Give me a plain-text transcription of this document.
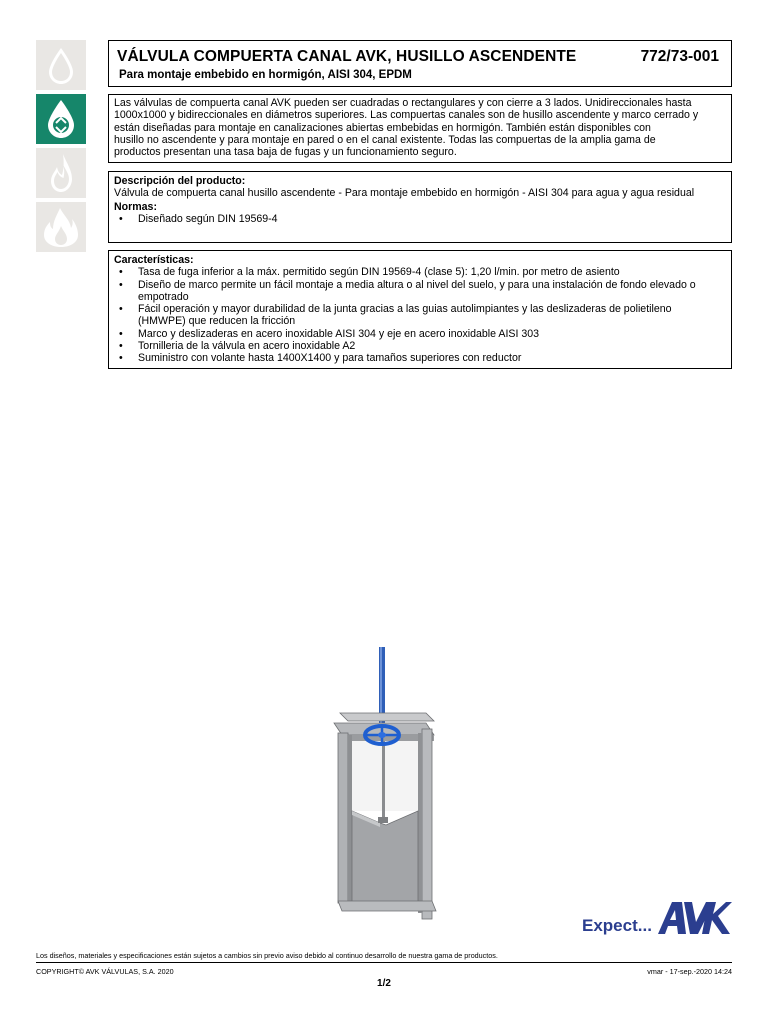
VÁLVULA COMPUERTA CANAL AVK, HUSILLO ASCENDENTE	772/73-001
Para montaje embebido en hormigón, AISI 304, EPDM
Las válvulas de compuerta canal AVK pueden ser cuadradas o rectangulares y con cierre a 3 lados. Unidireccionales hasta
1000x1000 y bidireccionales en diámetros superiores. Las compuertas canales son de husillo ascendente y marco cerrado y
están diseñadas para montaje en canalizaciones abiertas embebidas en hormigón. También están disponibles con
husillo no ascendente y para montaje en pared o en el canal existente. Todas las compuertas de la amplia gama de
productos presentan una tasa baja de fugas y un funcionamiento seguro.
Descripción del producto:
Válvula de compuerta canal husillo ascendente - Para montaje embebido en hormigón - AISI 304 para agua y agua residual
Normas:
• Diseñado según DIN 19569-4
Características:
• Tasa de fuga inferior a la máx. permitido según DIN 19569-4 (clase 5): 1,20 l/min. por metro de asiento
• Diseño de marco permite un fácil montaje a media altura o al nivel del suelo, y para una instalación de fondo elevado o
empotrado
• Fácil operación y mayor durabilidad de la junta gracias a las guias autolimpiantes y las deslizaderas de polietileno
(HMWPE) que reducen la fricción
• Marco y deslizaderas en acero inoxidable AISI 304 y eje en acero inoxidable AISI 303
• Tornilleria de la válvula en acero inoxidable A2
• Suministro con volante hasta 1400X1400 y para tamaños superiores con reductor
Expect...
AVK
Los diseños, materiales y especificaciones están sujetos a cambios sin previo aviso debido al continuo desarrollo de nuestra gama de productos.
COPYRIGHT© AVK VÁLVULAS, S.A. 2020	vmar - 17-sep.-2020 14:24
1/2
